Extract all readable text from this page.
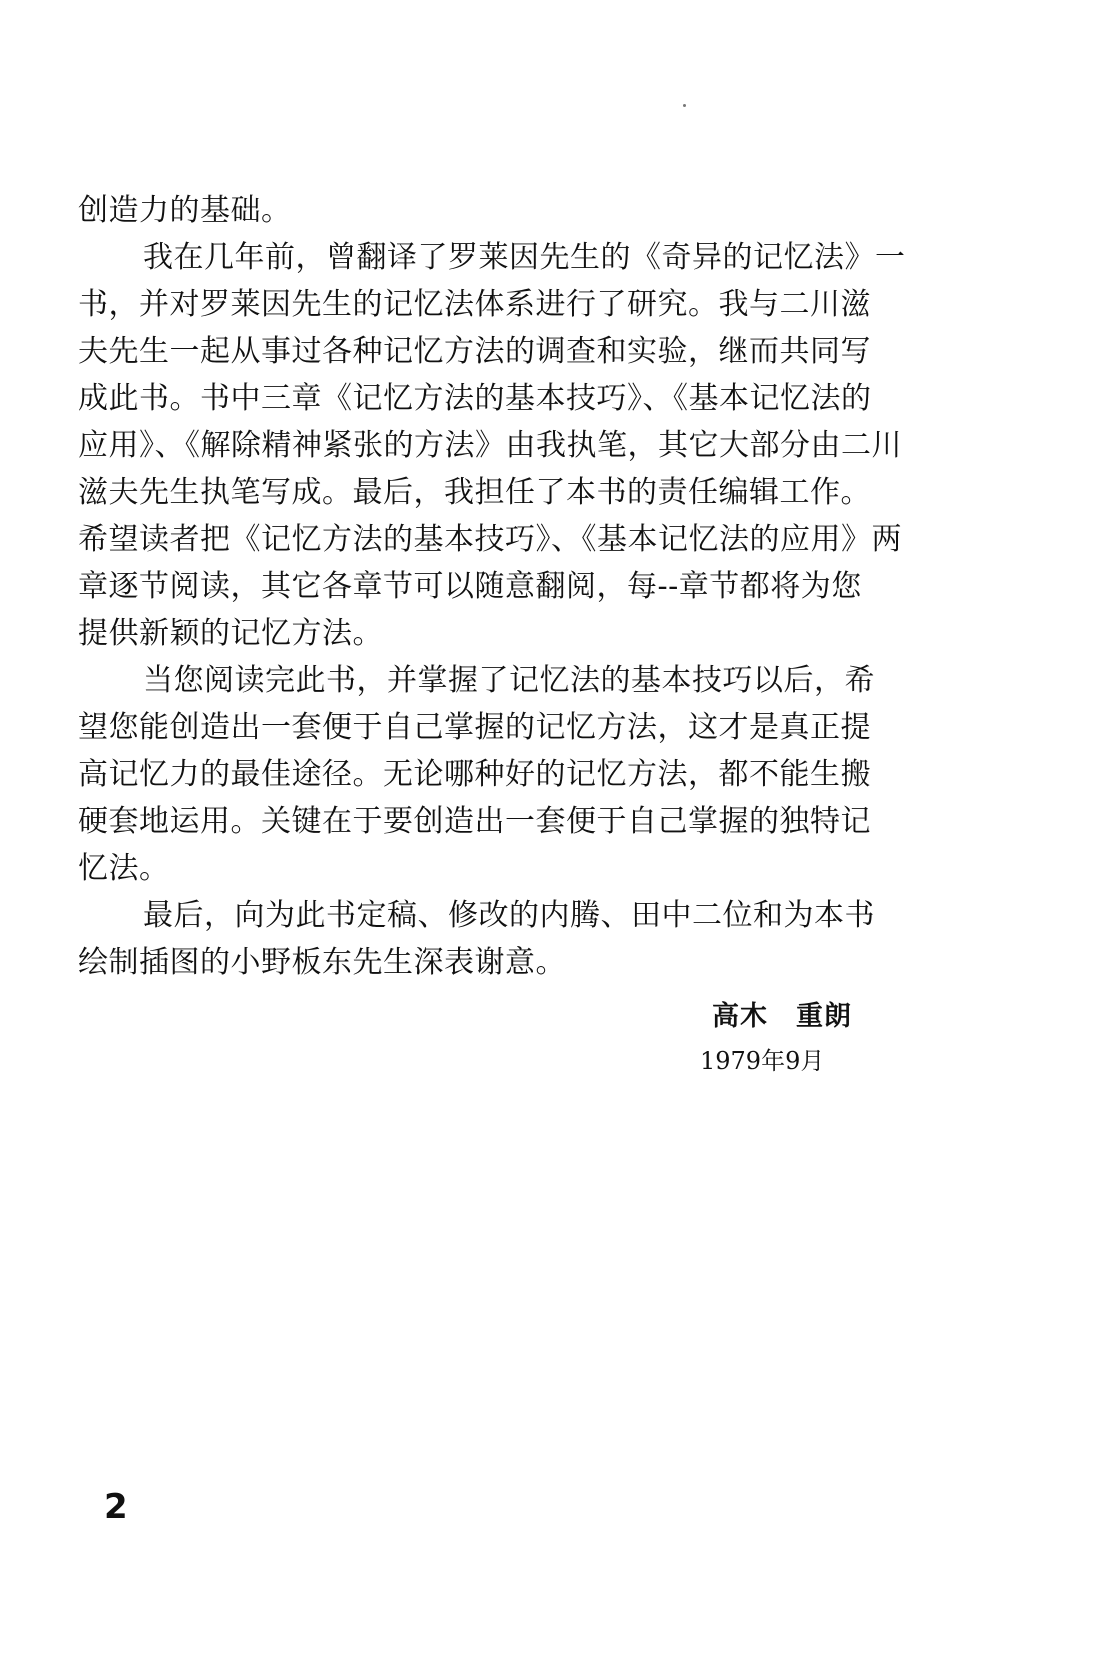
创造力的基础。
我在几年前，曾翻译了罗莱因先生的《奇异的记忆法》一
书，并对罗莱因先生的记忆法体系进行了研究。我与二川滋
夫先生一起从事过各种记忆方法的调查和实验，继而共同写
成此书。书中三章《记忆方法的基本技巧》、《基本记忆法的
应用》、《解除精神紧张的方法》由我执笔，其它大部分由二川
滋夫先生执笔写成。最后，我担任了本书的责任编辑工作。
希望读者把《记忆方法的基本技巧》、《基本记忆法的应用》两
章逐节阅读，其它各章节可以随意翻阅，每--章节都将为您
提供新颖的记忆方法。
当您阅读完此书，并掌握了记忆法的基本技巧以后，希
望您能创造出一套便于自己掌握的记忆方法，这才是真正提
高记忆力的最佳途径。无论哪种好的记忆方法，都不能生搬
硬套地运用。关键在于要创造出一套便于自己掌握的独特记
忆法。
最后，向为此书定稿、修改的内腾、田中二位和为本书
绘制插图的小野板东先生深表谢意。
高木　重朗
1979年9月
2
